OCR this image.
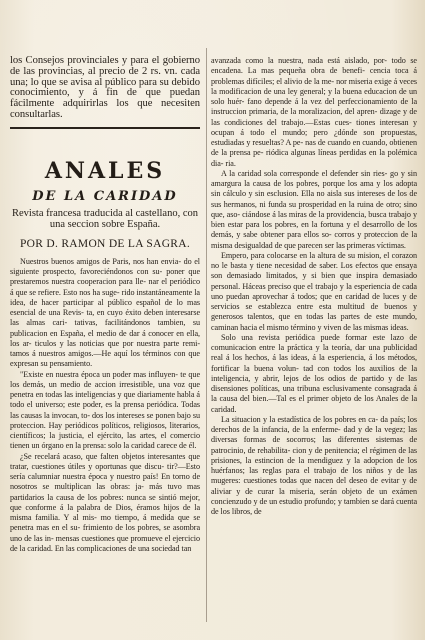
los Consejos provinciales y para el gobierno de las provincias, al precio de 2 rs. vn. cada una; lo que se avisa al público para su debido conocimiento, y á fin de que puedan fácilmente adquirirlas los que necesiten consultarlas.

ANALES
DE LA CARIDAD

Revista francesa traducida al castellano, con una seccion sobre España.

POR D. RAMON DE LA SAGRA.

Nuestros buenos amigos de Paris, nos han envia- do el siguiente prospecto, favoreciéndonos con su- poner que prestaremos nuestra cooperacion para lle- nar el periódico á que se refiere. Esto nos ha suge- rido instantáneamente la idea, de hacer participar al público español de lo mas esencial de una Revis- ta, en cuyo éxito deben interesarse las almas cari- tativas, facilitándonos tambien, su publicacion en España, el medio de dar á conocer en ella, los ar- ticulos y las noticias que por nuestra parte remi- tamos á nuestros amigos.—He aquí los términos con que expresan su pensamiento.

"Existe en nuestra época un poder mas influyen- te que los demás, un medio de accion irresistible, una voz que penetra en todas las inteligencias y que diariamente habla á todo el universo; este poder, es la prensa periódica. Todas las causas la invocan, to- dos los intereses se ponen bajo su proteccion. Hay periódicos políticos, religiosos, literarios, científicos; la justicia, el ejército, las artes, el comercio tienen un órgano en la prensa: solo la caridad carece de él.

¿Se recelará acaso, que falten objetos interesantes que tratar, cuestiones útiles y oportunas que discu- tir?—Esto sería calumniar nuestra época y nuestro país! En torno de nosotros se multiplican las obras: ja- más tuvo mas partidarios la causa de los pobres: nunca se sintió mejor, que conforme á la palabra de Dios, éramos hijos de la misma familia. Y al mis- mo tiempo, á medida que se penetra mas en el su- frimiento de los pobres, se asombra uno de las in- mensas cuestiones que promueve el ejercicio de la caridad. En las complicaciones de una sociedad tan

avanzada como la nuestra, nada está aislado, por- todo se encadena. La mas pequeña obra de benefi- cencia toca á problemas difíciles; el alivio de la me- nor miseria exige á veces la modificacion de una ley general; y la buena educacion de un solo huér- fano depende á la vez del perfeccionamiento de la instruccion primaria, de la moralizacion, del apren- dizage y de las condiciones del trabajo.—Estas cues- tiones interesan y ocupan á todo el mundo; pero ¿dónde son propuestas, estudiadas y resueltas? A pe- nas de cuando en cuando, obtienen de la prensa pe- riódica algunas líneas perdidas en la polémica dia- ria.

A la caridad sola corresponde el defender sin ries- go y sin amargura la causa de los pobres, porque los ama y los adopta sin cálculo y sin esclusion. Ella no aisla sus intereses de los de sus hermanos, ni funda su prosperidad en la ruina de otro; sino que, aso- ciándose á las miras de la providencia, busca trabajo y bien estar para los pobres, en la fortuna y el desarrollo de los demás, y sabe obtener para ellos so- corros y proteccion de la misma desigualdad de que parecen ser las primeras víctimas.

Empero, para colocarse en la altura de su mision, el corazon no le basta y tiene necesidad de saber. Los efectos que ensaya son demasiado limitados, y si bien que inspira demasiado personal. Háceas preciso que el trabajo y la esperiencia de cada uno puedan aprovechar á todos; que en caridad de luces y de servicios se establezca entre esta multitud de buenos y generosos talentos, que en todas las partes de este mundo, caminan hacia el mismo término y viven de las mismas ideas.

Solo una revista periódica puede formar este lazo de comunicacion entre la práctica y la teoría, dar una publicidad real á los hechos, á las ideas, á la esperiencia, á los métodos, fortificar la buena volun- tad con todos los auxilios de la inteligencia, y abrir, lejos de los odios de partido y de las disensiones políticas, una tribuna esclusivamente consagrada á la causa del bien.—Tal es el primer objeto de los Anales de la caridad.

La situacion y la estadística de los pobres en ca- da país; los derechos de la infancia, de la enferme- dad y de la vegez; las diversas formas de socorros; las diferentes sistemas de patrocinio, de rehabilita- cion y de penitencia; el régimen de las prisiones, la estincion de la mendiguez y la adopcion de los huérfanos; las reglas para el trabajo de los niños y de las mugeres: cuestiones todas que nacen del deseo de evitar y de aliviar y de curar la miseria, serán objeto de un exámen concienzudo y de un estudio profundo; y tambien se dará cuenta de los libros, de
